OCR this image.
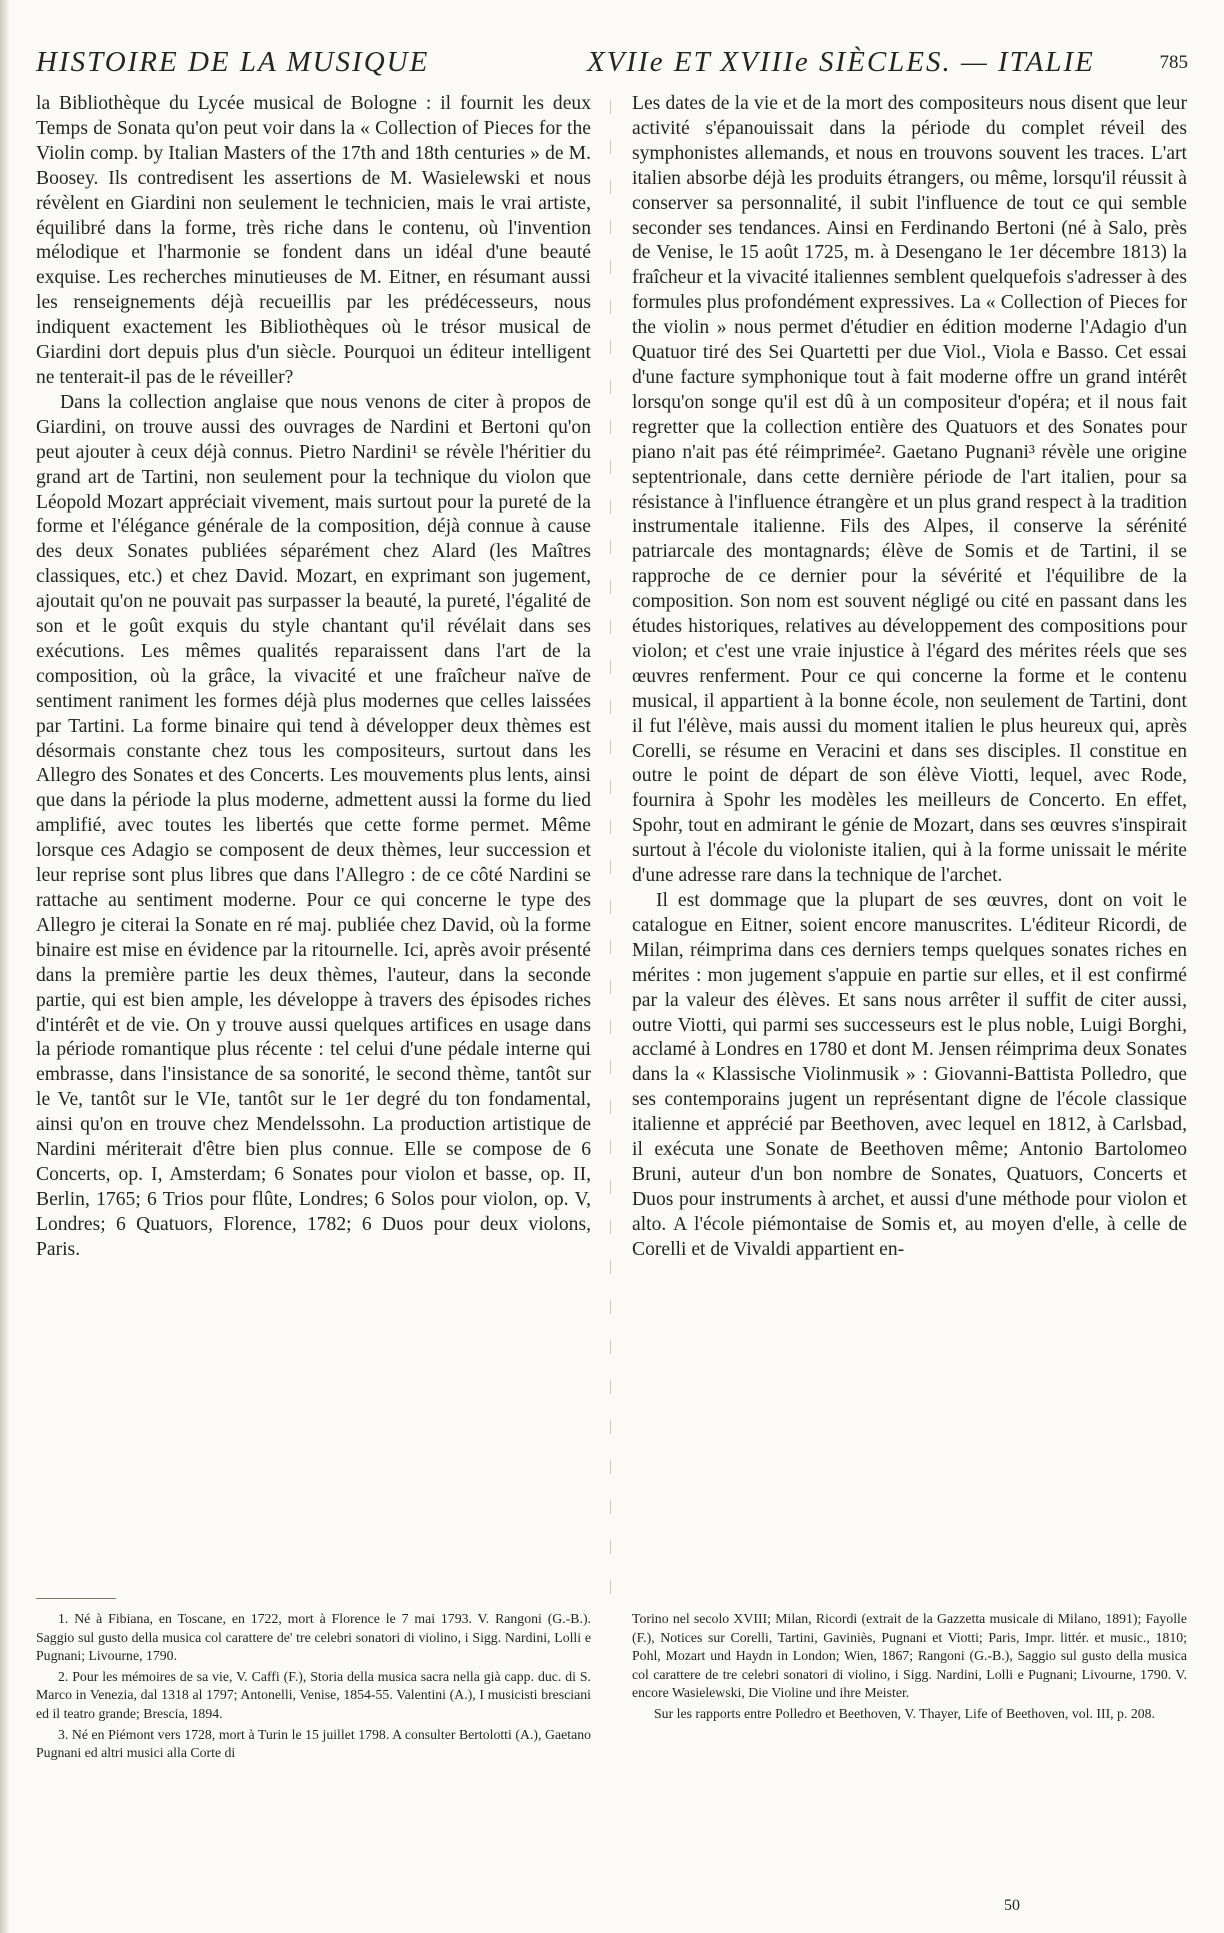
HISTOIRE DE LA MUSIQUE	XVIIe ET XVIIIe SIÈCLES. — ITALIE	785

la Bibliothèque du Lycée musical de Bologne : il fournit les deux Temps de Sonata qu'on peut voir dans la « Collection of Pieces for the Violin comp. by Italian Masters of the 17th and 18th centuries » de M. Boosey. Ils contredisent les assertions de M. Wasielewski et nous révèlent en Giardini non seulement le technicien, mais le vrai artiste, équilibré dans la forme, très riche dans le contenu, où l'invention mélodique et l'harmonie se fondent dans un idéal d'une beauté exquise. Les recherches minutieuses de M. Eitner, en résumant aussi les renseignements déjà recueillis par les prédécesseurs, nous indiquent exactement les Bibliothèques où le trésor musical de Giardini dort depuis plus d'un siècle. Pourquoi un éditeur intelligent ne tenterait-il pas de le réveiller?

Dans la collection anglaise que nous venons de citer à propos de Giardini, on trouve aussi des ouvrages de Nardini et Bertoni qu'on peut ajouter à ceux déjà connus. Pietro Nardini¹ se révèle l'héritier du grand art de Tartini, non seulement pour la technique du violon que Léopold Mozart appréciait vivement, mais surtout pour la pureté de la forme et l'élégance générale de la composition, déjà connue à cause des deux Sonates publiées séparément chez Alard (les Maîtres classiques, etc.) et chez David. Mozart, en exprimant son jugement, ajoutait qu'on ne pouvait pas surpasser la beauté, la pureté, l'égalité de son et le goût exquis du style chantant qu'il révélait dans ses exécutions. Les mêmes qualités reparaissent dans l'art de la composition, où la grâce, la vivacité et une fraîcheur naïve de sentiment raniment les formes déjà plus modernes que celles laissées par Tartini. La forme binaire qui tend à développer deux thèmes est désormais constante chez tous les compositeurs, surtout dans les Allegro des Sonates et des Concerts. Les mouvements plus lents, ainsi que dans la période la plus moderne, admettent aussi la forme du lied amplifié, avec toutes les libertés que cette forme permet. Même lorsque ces Adagio se composent de deux thèmes, leur succession et leur reprise sont plus libres que dans l'Allegro : de ce côté Nardini se rattache au sentiment moderne. Pour ce qui concerne le type des Allegro je citerai la Sonate en ré maj. publiée chez David, où la forme binaire est mise en évidence par la ritournelle. Ici, après avoir présenté dans la première partie les deux thèmes, l'auteur, dans la seconde partie, qui est bien ample, les développe à travers des épisodes riches d'intérêt et de vie. On y trouve aussi quelques artifices en usage dans la période romantique plus récente : tel celui d'une pédale interne qui embrasse, dans l'insistance de sa sonorité, le second thème, tantôt sur le Ve, tantôt sur le VIe, tantôt sur le 1er degré du ton fondamental, ainsi qu'on en trouve chez Mendelssohn. La production artistique de Nardini mériterait d'être bien plus connue. Elle se compose de 6 Concerts, op. I, Amsterdam; 6 Sonates pour violon et basse, op. II, Berlin, 1765; 6 Trios pour flûte, Londres; 6 Solos pour violon, op. V, Londres; 6 Quatuors, Florence, 1782; 6 Duos pour deux violons, Paris.

Les dates de la vie et de la mort des compositeurs nous disent que leur activité s'épanouissait dans la période du complet réveil des symphonistes allemands, et nous en trouvons souvent les traces. L'art italien absorbe déjà les produits étrangers, ou même, lorsqu'il réussit à conserver sa personnalité, il subit l'influence de tout ce qui semble seconder ses tendances. Ainsi en Ferdinando Bertoni (né à Salo, près de Venise, le 15 août 1725, m. à Desengano le 1er décembre 1813) la fraîcheur et la vivacité italiennes semblent quelquefois s'adresser à des formules plus profondément expressives. La « Collection of Pieces for the violin » nous permet d'étudier en édition moderne l'Adagio d'un Quatuor tiré des Sei Quartetti per due Viol., Viola e Basso. Cet essai d'une facture symphonique tout à fait moderne offre un grand intérêt lorsqu'on songe qu'il est dû à un compositeur d'opéra; et il nous fait regretter que la collection entière des Quatuors et des Sonates pour piano n'ait pas été réimprimée². Gaetano Pugnani³ révèle une origine septentrionale, dans cette dernière période de l'art italien, pour sa résistance à l'influence étrangère et un plus grand respect à la tradition instrumentale italienne. Fils des Alpes, il conserve la sérénité patriarcale des montagnards; élève de Somis et de Tartini, il se rapproche de ce dernier pour la sévérité et l'équilibre de la composition. Son nom est souvent négligé ou cité en passant dans les études historiques, relatives au développement des compositions pour violon; et c'est une vraie injustice à l'égard des mérites réels que ses œuvres renferment. Pour ce qui concerne la forme et le contenu musical, il appartient à la bonne école, non seulement de Tartini, dont il fut l'élève, mais aussi du moment italien le plus heureux qui, après Corelli, se résume en Veracini et dans ses disciples. Il constitue en outre le point de départ de son élève Viotti, lequel, avec Rode, fournira à Spohr les modèles les meilleurs de Concerto. En effet, Spohr, tout en admirant le génie de Mozart, dans ses œuvres s'inspirait surtout à l'école du violoniste italien, qui à la forme unissait le mérite d'une adresse rare dans la technique de l'archet.

Il est dommage que la plupart de ses œuvres, dont on voit le catalogue en Eitner, soient encore manuscrites. L'éditeur Ricordi, de Milan, réimprima dans ces derniers temps quelques sonates riches en mérites : mon jugement s'appuie en partie sur elles, et il est confirmé par la valeur des élèves. Et sans nous arrêter il suffit de citer aussi, outre Viotti, qui parmi ses successeurs est le plus noble, Luigi Borghi, acclamé à Londres en 1780 et dont M. Jensen réimprima deux Sonates dans la « Klassische Violinmusik » : Giovanni-Battista Polledro, que ses contemporains jugent un représentant digne de l'école classique italienne et apprécié par Beethoven, avec lequel en 1812, à Carlsbad, il exécuta une Sonate de Beethoven même; Antonio Bartolomeo Bruni, auteur d'un bon nombre de Sonates, Quatuors, Concerts et Duos pour instruments à archet, et aussi d'une méthode pour violon et alto. A l'école piémontaise de Somis et, au moyen d'elle, à celle de Corelli et de Vivaldi appartient en-

1. Né à Fibiana, en Toscane, en 1722, mort à Florence le 7 mai 1793. V. Rangoni (G.-B.). Saggio sul gusto della musica col carattere de' tre celebri sonatori di violino, i Sigg. Nardini, Lolli e Pugnani; Livourne, 1790.

2. Pour les mémoires de sa vie, V. Caffi (F.), Storia della musica sacra nella già capp. duc. di S. Marco in Venezia, dal 1318 al 1797; Antonelli, Venise, 1854-55. Valentini (A.), I musicisti bresciani ed il teatro grande; Brescia, 1894.

3. Né en Piémont vers 1728, mort à Turin le 15 juillet 1798. A consulter Bertolotti (A.), Gaetano Pugnani ed altri musici alla Corte di

Torino nel secolo XVIII; Milan, Ricordi (extrait de la Gazzetta musicale di Milano, 1891); Fayolle (F.), Notices sur Corelli, Tartini, Gaviniès, Pugnani et Viotti; Paris, Impr. littér. et music., 1810; Pohl, Mozart und Haydn in London; Wien, 1867; Rangoni (G.-B.), Saggio sul gusto della musica col carattere de tre celebri sonatori di violino, i Sigg. Nardini, Lolli e Pugnani; Livourne, 1790. V. encore Wasielewski, Die Violine und ihre Meister.

Sur les rapports entre Polledro et Beethoven, V. Thayer, Life of Beethoven, vol. III, p. 208.

50
